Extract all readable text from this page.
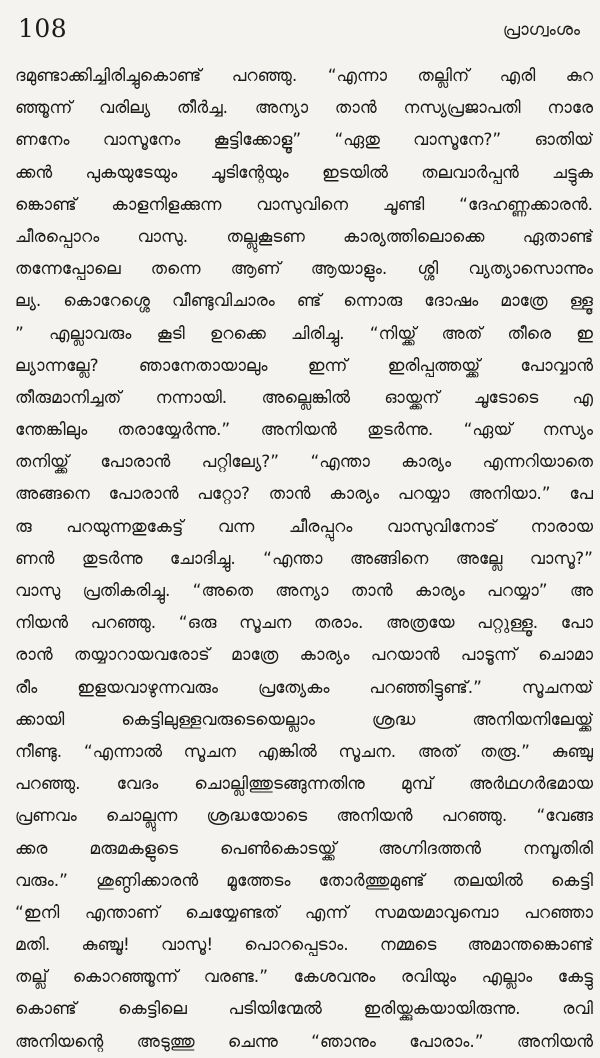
108	പ്രാഗ്വംശം
ദമുണ്ടാക്കിച്ചിരിച്ചുകൊണ്ട് പറഞ്ഞു. “എന്നാ തല്ലിന് എരി കുറ
ഞ്ഞൂന്ന് വരില്യ തീർച്ച. അന്യാ താൻ നസ്യപ്രജാപതി നാരേ
ണനേം വാസൂനേം കൂട്ടിക്കോളൂ” “ഏതു വാസൂനേ?” ഓതിയ്
ക്കൻ പുകയുടേയും ചൂടിന്റേയും ഇടയിൽ തലവാർപ്പൻ ചട്ടുക
ങ്കൊണ്ട് കാളനിളക്കുന്ന വാസുവിനെ ചൂണ്ടി “ദേഹണ്ണക്കാരൻ.
ചീരപ്പൊറം വാസു. തല്ലുകൂടണ കാര്യത്തിലൊക്കെ ഏതാണ്ട്
തന്നേപ്പോലെ തന്നെ ആണ് ആയാളും. ശ്ശി വ്യത്യാസൊന്നും
ല്യ. കൊറേശ്ശെ വീണ്ടുവിചാരം ണ്ട് ന്നൊരു ദോഷം മാത്രേ ള്ളൂ
” എല്ലാവരും കൂടി ഉറക്കെ ചിരിച്ചു. “നിയ്ക്ക് അത് തീരെ ഇ
ല്യാന്നല്ലേ? ഞാനേതായാലും ഇന്ന് ഇരിപ്പത്തയ്ക്ക് പോവ്വാൻ
തീരുമാനിച്ചത് നന്നായി. അല്ലെങ്കിൽ ഓയ്ക്കന് ചൂടോടെ എ
ന്തേങ്കിലും തരായ്യേർന്നു.” അനിയൻ തുടർന്നു. “ഏയ് നസ്യം
തനിയ്ക്ക് പോരാൻ പറ്റില്യേ?” “എന്താ കാര്യം എന്നറിയാതെ
അങ്ങനെ പോരാൻ പറ്റോ? താൻ കാര്യം പറയ്യാ അനിയാ.” പേ
രു പറയുന്നതുകേട്ട് വന്ന ചീരപ്പുറം വാസുവിനോട് നാരായ
ണൻ തുടർന്നു ചോദിച്ചു. “എന്താ അങ്ങിനെ അല്ലേ വാസൂ?”
വാസു പ്രതികരിച്ചു. “അതെ അന്യാ താൻ കാര്യം പറയ്യാ” അ
നിയൻ പറഞ്ഞു. “ഒരു സൂചന തരാം. അത്രയേ പറ്റുള്ളൂ. പോ
രാൻ തയ്യാറായവരോട് മാത്രേ കാര്യം പറയാൻ പാടൂന്ന് ചൊമാ
രീം ഇളയവാഴുന്നവരും പ്രത്യേകം പറഞ്ഞിട്ടുണ്ട്.” സൂചനയ്
ക്കായി കെട്ടിലുള്ളവരുടെയെല്ലാം ശ്രദ്ധ അനിയനിലേയ്ക്ക്
നീണ്ടു. “എന്നാൽ സൂചന എങ്കിൽ സൂചന. അത് തരൂ.” കുഞ്ചു
പറഞ്ഞു. വേദം ചൊല്ലിത്തുടങ്ങുന്നതിനു മുമ്പ് അർഥഗർഭമായ
പ്രണവം ചൊല്ലുന്ന ശ്രദ്ധയോടെ അനിയൻ പറഞ്ഞു. “വേങ്ങ
ക്കര മരുമകളുടെ പെൺകൊടയ്ക്ക് അഗ്നിദത്തൻ നമ്പൂതിരി
വരും.” ശുണ്ഠിക്കാരൻ മൂത്തേടം തോർത്തുമുണ്ട് തലയിൽ കെട്ടി
“ഇനി എന്താണ് ചെയ്യേണ്ടത് എന്ന് സമയമാവുമ്പൊ പറഞ്ഞാ
മതി. കുഞ്ചൂ! വാസൂ! പൊറപ്പെടാം. നമ്മടെ അമാന്തങ്കൊണ്ട്
തല്ല് കൊറഞ്ഞൂന്ന് വരണ്ട.” കേശവനും രവിയും എല്ലാം കേട്ടു
കൊണ്ട് കെട്ടിലെ പടിയിന്മേൽ ഇരിയ്ക്കുകയായിരുന്നു. രവി
അനിയന്റെ അടുത്തു ചെന്നു “ഞാനും പോരാം.” അനിയൻ
